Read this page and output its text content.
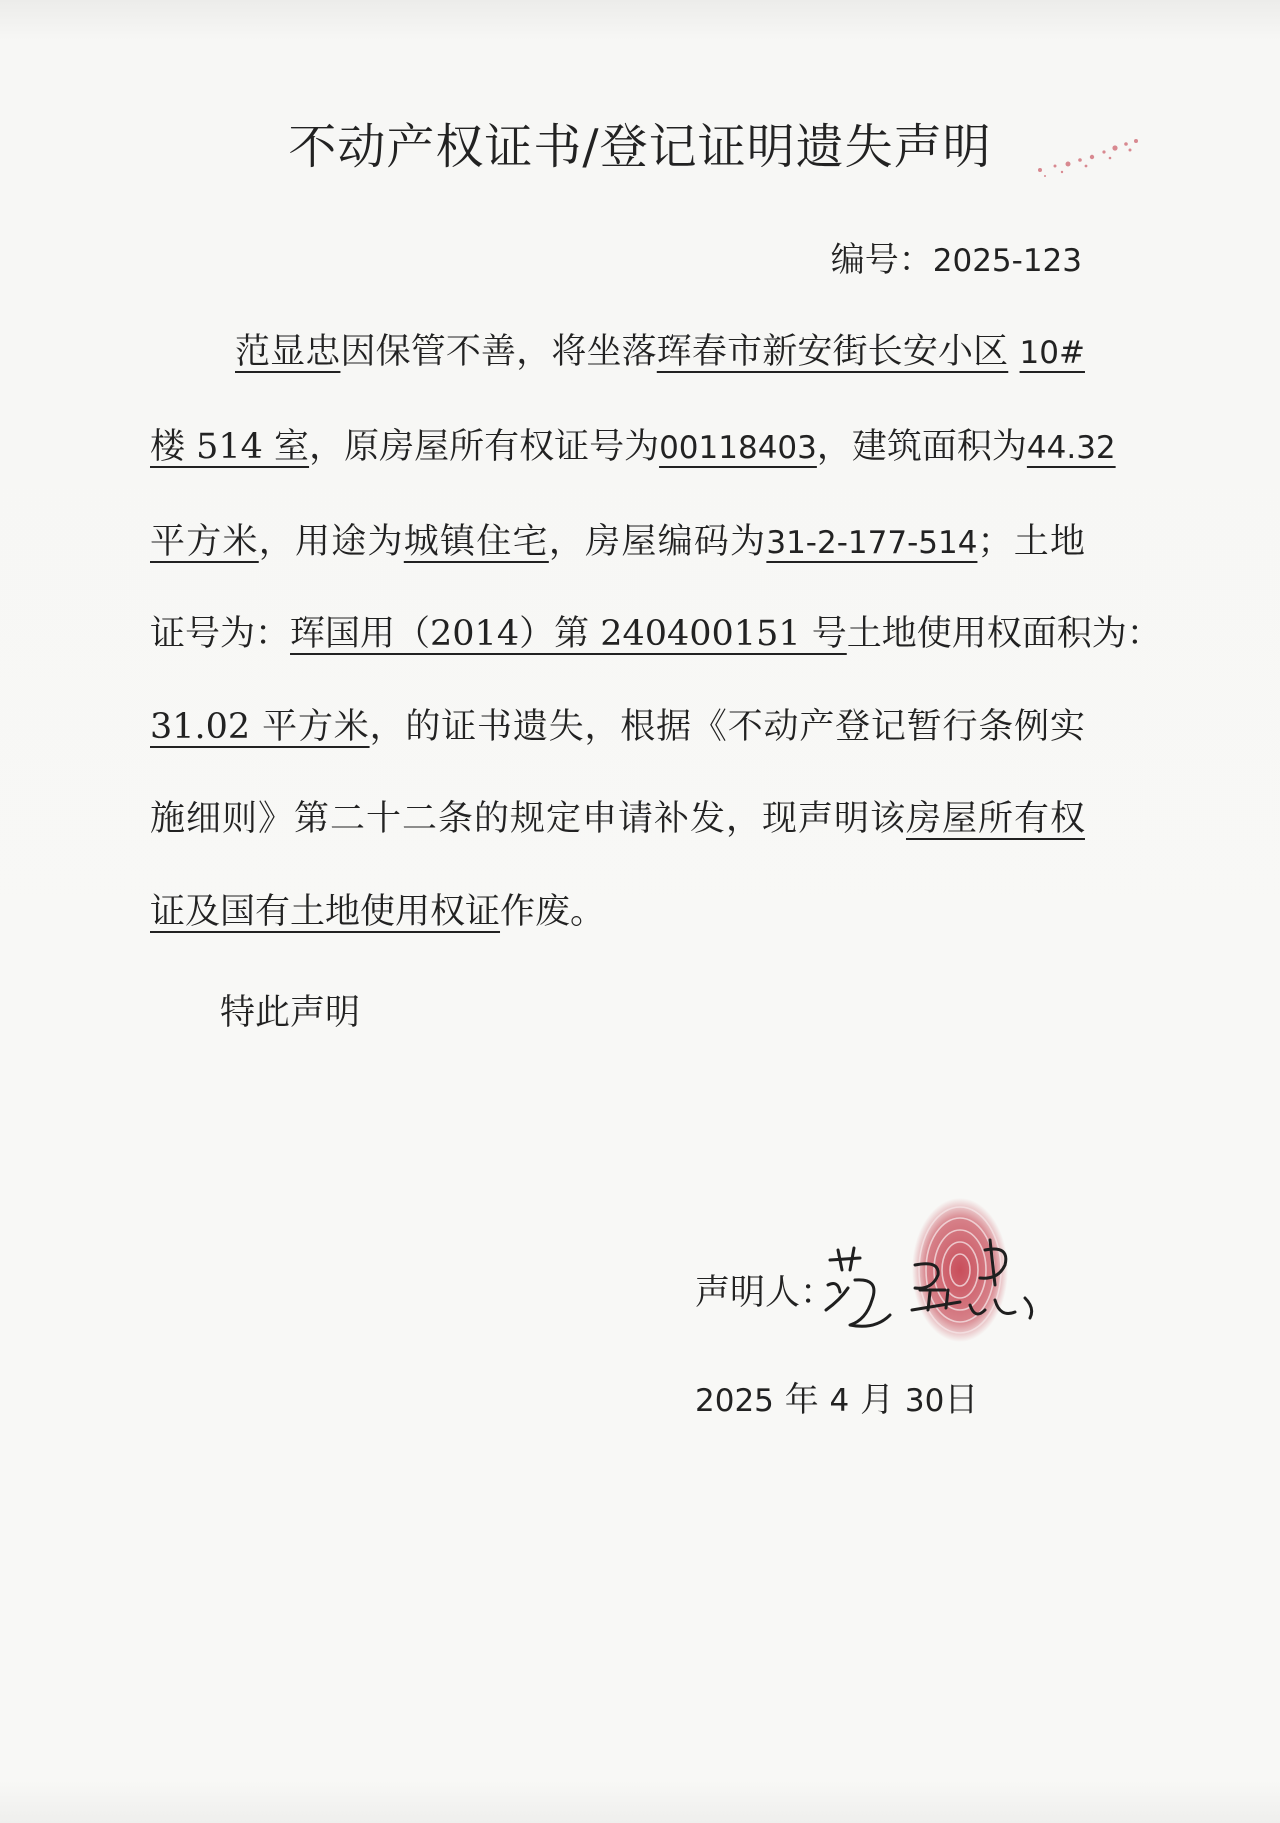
不动产权证书/登记证明遗失声明
编号：2025-123
范显忠因保管不善，将坐落珲春市新安街长安小区 10#
楼 514 室，原房屋所有权证号为00118403，建筑面积为44.32
平方米，用途为城镇住宅，房屋编码为31-2-177-514；土地
证号为：珲国用（2014）第 240400151 号土地使用权面积为：
31.02 平方米，的证书遗失，根据《不动产登记暂行条例实
施细则》第二十二条的规定申请补发，现声明该房屋所有权
证及国有土地使用权证作废。
特此声明
声明人：
2025 年 4 月 30日
